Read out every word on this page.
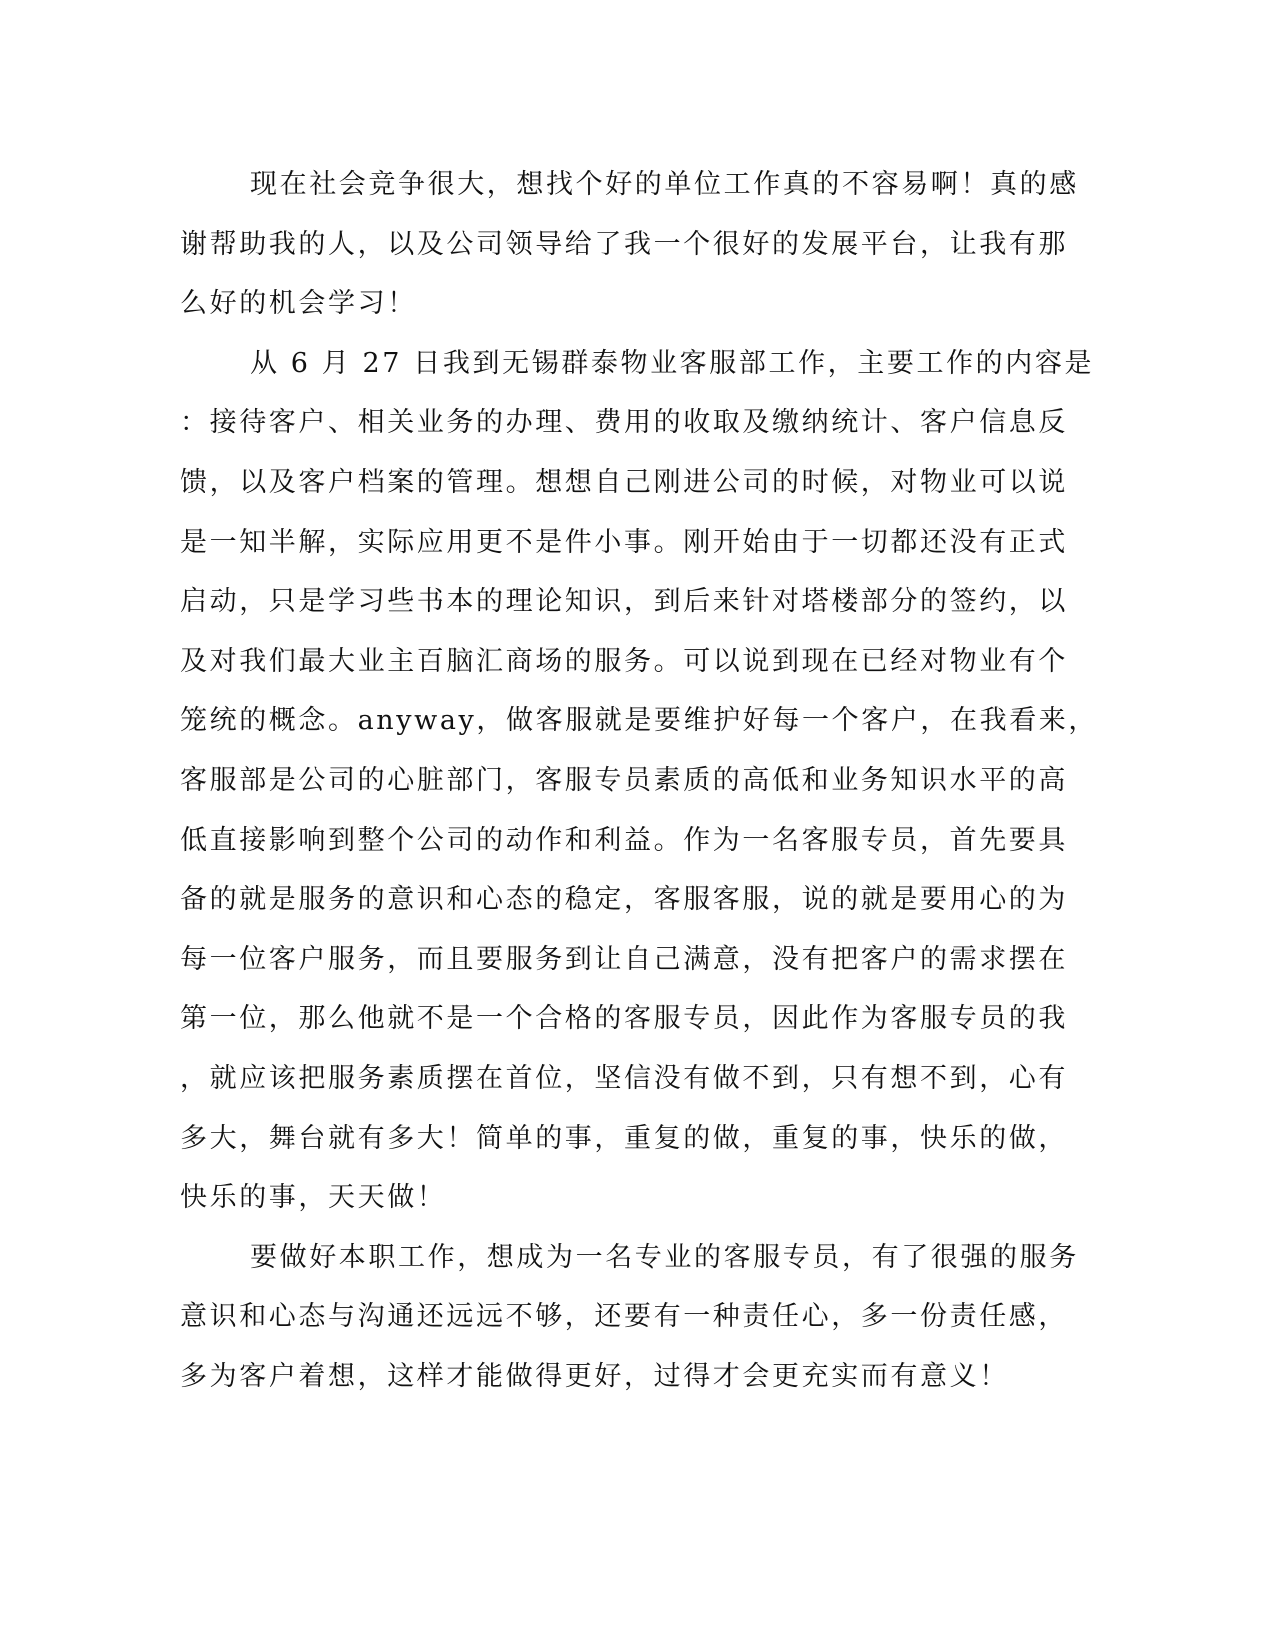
现在社会竞争很大，想找个好的单位工作真的不容易啊！真的感
谢帮助我的人，以及公司领导给了我一个很好的发展平台，让我有那
么好的机会学习！
从 6 月 27 日我到无锡群泰物业客服部工作，主要工作的内容是
：接待客户、相关业务的办理、费用的收取及缴纳统计、客户信息反
馈，以及客户档案的管理。想想自己刚进公司的时候，对物业可以说
是一知半解，实际应用更不是件小事。刚开始由于一切都还没有正式
启动，只是学习些书本的理论知识，到后来针对塔楼部分的签约，以
及对我们最大业主百脑汇商场的服务。可以说到现在已经对物业有个
笼统的概念。anyway，做客服就是要维护好每一个客户，在我看来，
客服部是公司的心脏部门，客服专员素质的高低和业务知识水平的高
低直接影响到整个公司的动作和利益。作为一名客服专员，首先要具
备的就是服务的意识和心态的稳定，客服客服，说的就是要用心的为
每一位客户服务，而且要服务到让自己满意，没有把客户的需求摆在
第一位，那么他就不是一个合格的客服专员，因此作为客服专员的我
，就应该把服务素质摆在首位，坚信没有做不到，只有想不到，心有
多大，舞台就有多大！简单的事，重复的做，重复的事，快乐的做，
快乐的事，天天做！
要做好本职工作，想成为一名专业的客服专员，有了很强的服务
意识和心态与沟通还远远不够，还要有一种责任心，多一份责任感，
多为客户着想，这样才能做得更好，过得才会更充实而有意义！
